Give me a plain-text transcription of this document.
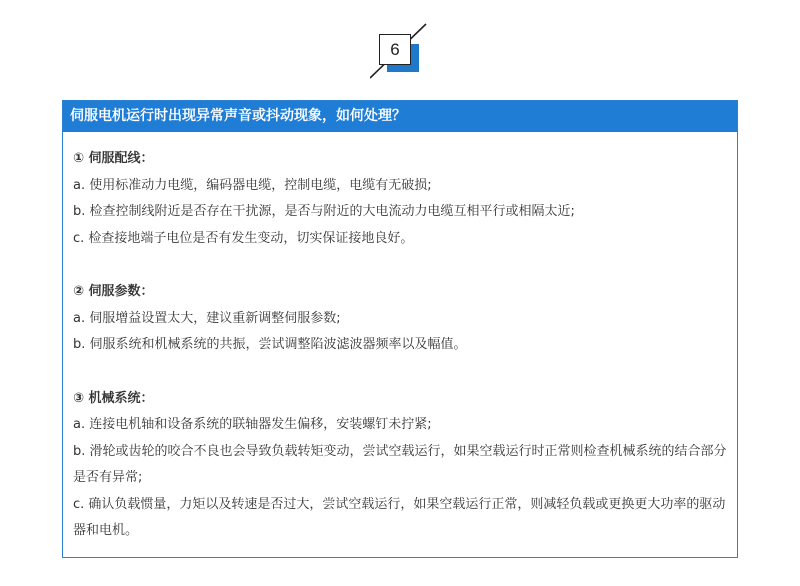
6
伺服电机运行时出现异常声音或抖动现象，如何处理？
① 伺服配线：
a. 使用标准动力电缆，编码器电缆，控制电缆，电缆有无破损;
b. 检查控制线附近是否存在干扰源，是否与附近的大电流动力电缆互相平行或相隔太近;
c. 检查接地端子电位是否有发生变动，切实保证接地良好。
② 伺服参数：
a. 伺服增益设置太大，建议重新调整伺服参数;
b. 伺服系统和机械系统的共振，尝试调整陷波滤波器频率以及幅值。
③ 机械系统：
a. 连接电机轴和设备系统的联轴器发生偏移，安装螺钉未拧紧;
b. 滑轮或齿轮的咬合不良也会导致负载转矩变动，尝试空载运行，如果空载运行时正常则检查机械系统的结合部分是否有异常;
c. 确认负载惯量，力矩以及转速是否过大，尝试空载运行，如果空载运行正常，则减轻负载或更换更大功率的驱动器和电机。
